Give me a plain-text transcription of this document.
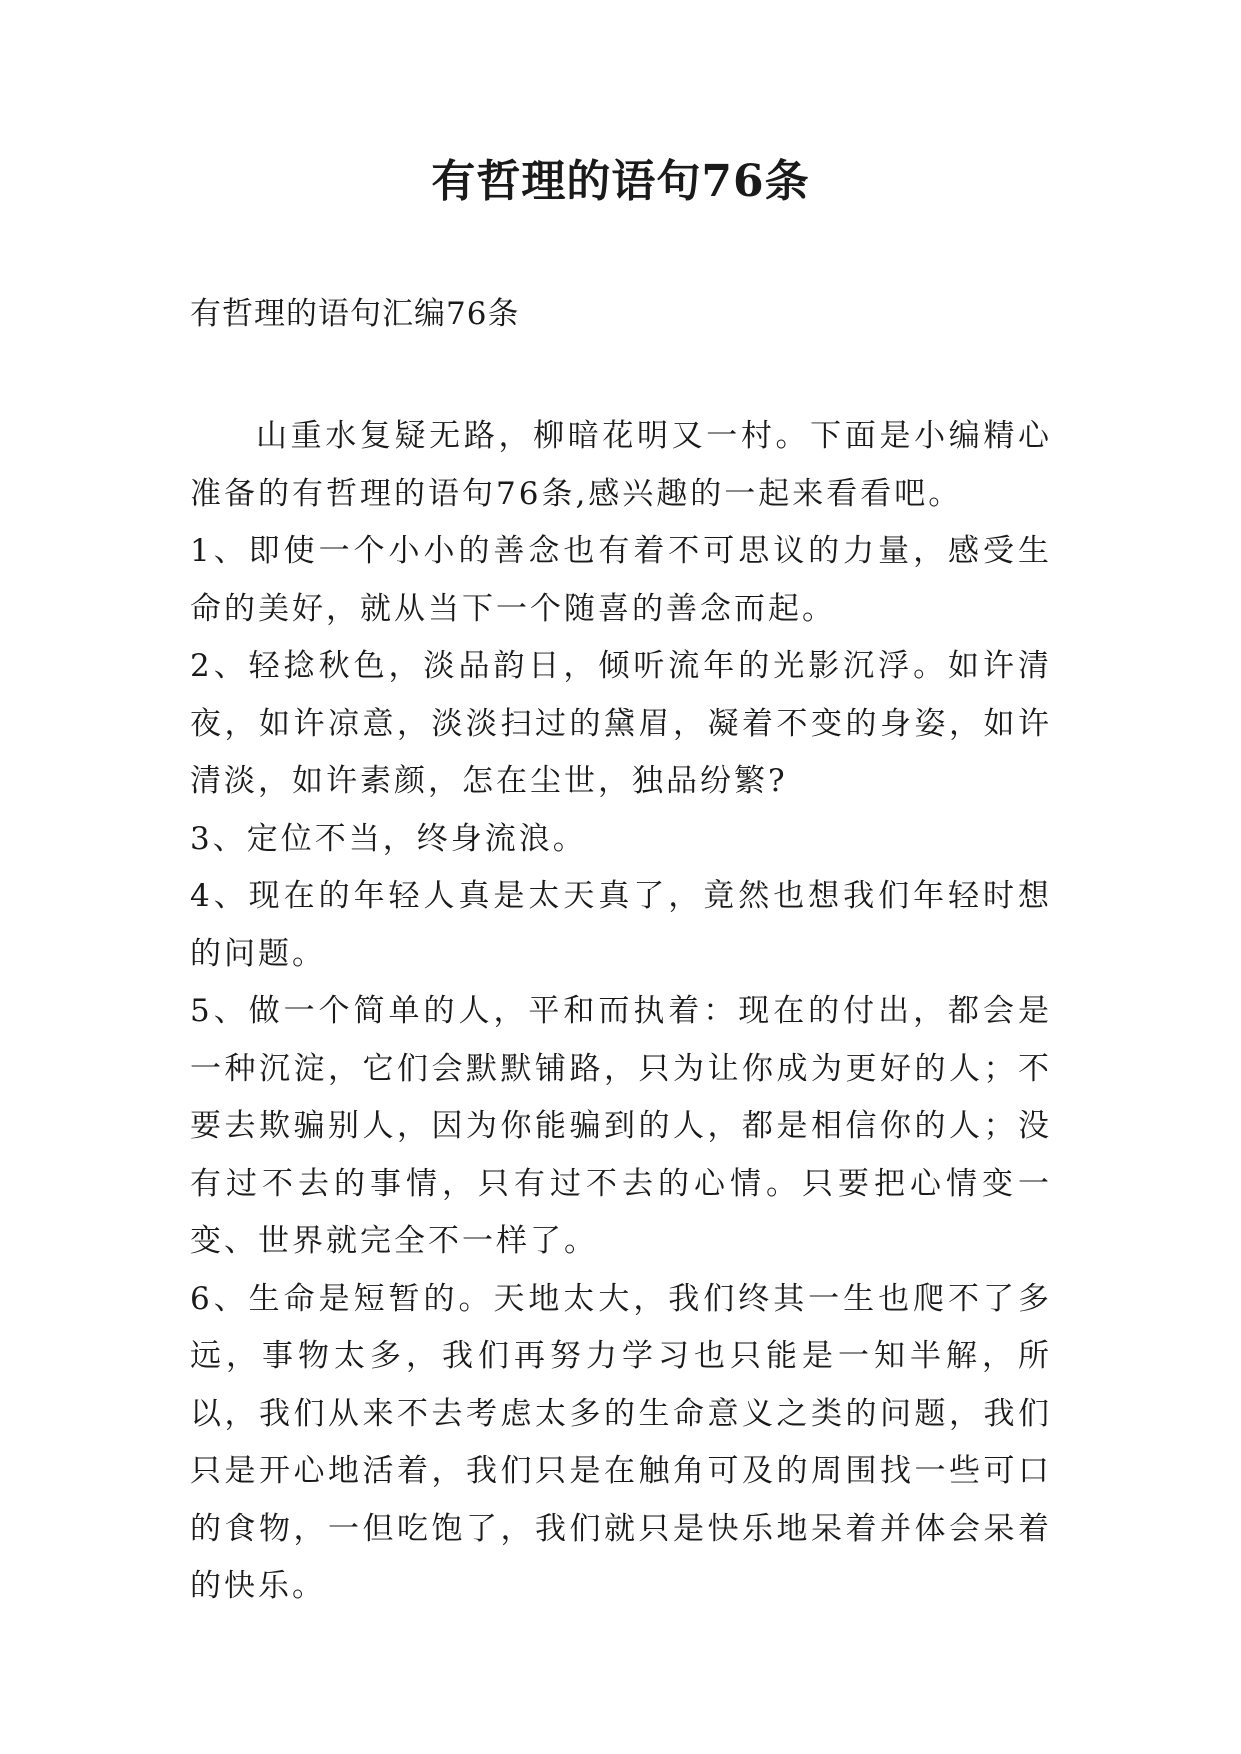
有哲理的语句76条
有哲理的语句汇编76条

山重水复疑无路，柳暗花明又一村。下面是小编精心准备的有哲理的语句76条,感兴趣的一起来看看吧。

1、即使一个小小的善念也有着不可思议的力量，感受生命的美好，就从当下一个随喜的善念而起。

2、轻捻秋色，淡品韵日，倾听流年的光影沉浮。如许清夜，如许凉意，淡淡扫过的黛眉，凝着不变的身姿，如许清淡，如许素颜，怎在尘世，独品纷繁?

3、定位不当，终身流浪。

4、现在的年轻人真是太天真了，竟然也想我们年轻时想的问题。

5、做一个简单的人，平和而执着：现在的付出，都会是一种沉淀，它们会默默铺路，只为让你成为更好的人；不要去欺骗别人，因为你能骗到的人，都是相信你的人；没有过不去的事情，只有过不去的心情。只要把心情变一变、世界就完全不一样了。

6、生命是短暂的。天地太大，我们终其一生也爬不了多远，事物太多，我们再努力学习也只能是一知半解，所以，我们从来不去考虑太多的生命意义之类的问题，我们只是开心地活着，我们只是在触角可及的周围找一些可口的食物，一但吃饱了，我们就只是快乐地呆着并体会呆着的快乐。
